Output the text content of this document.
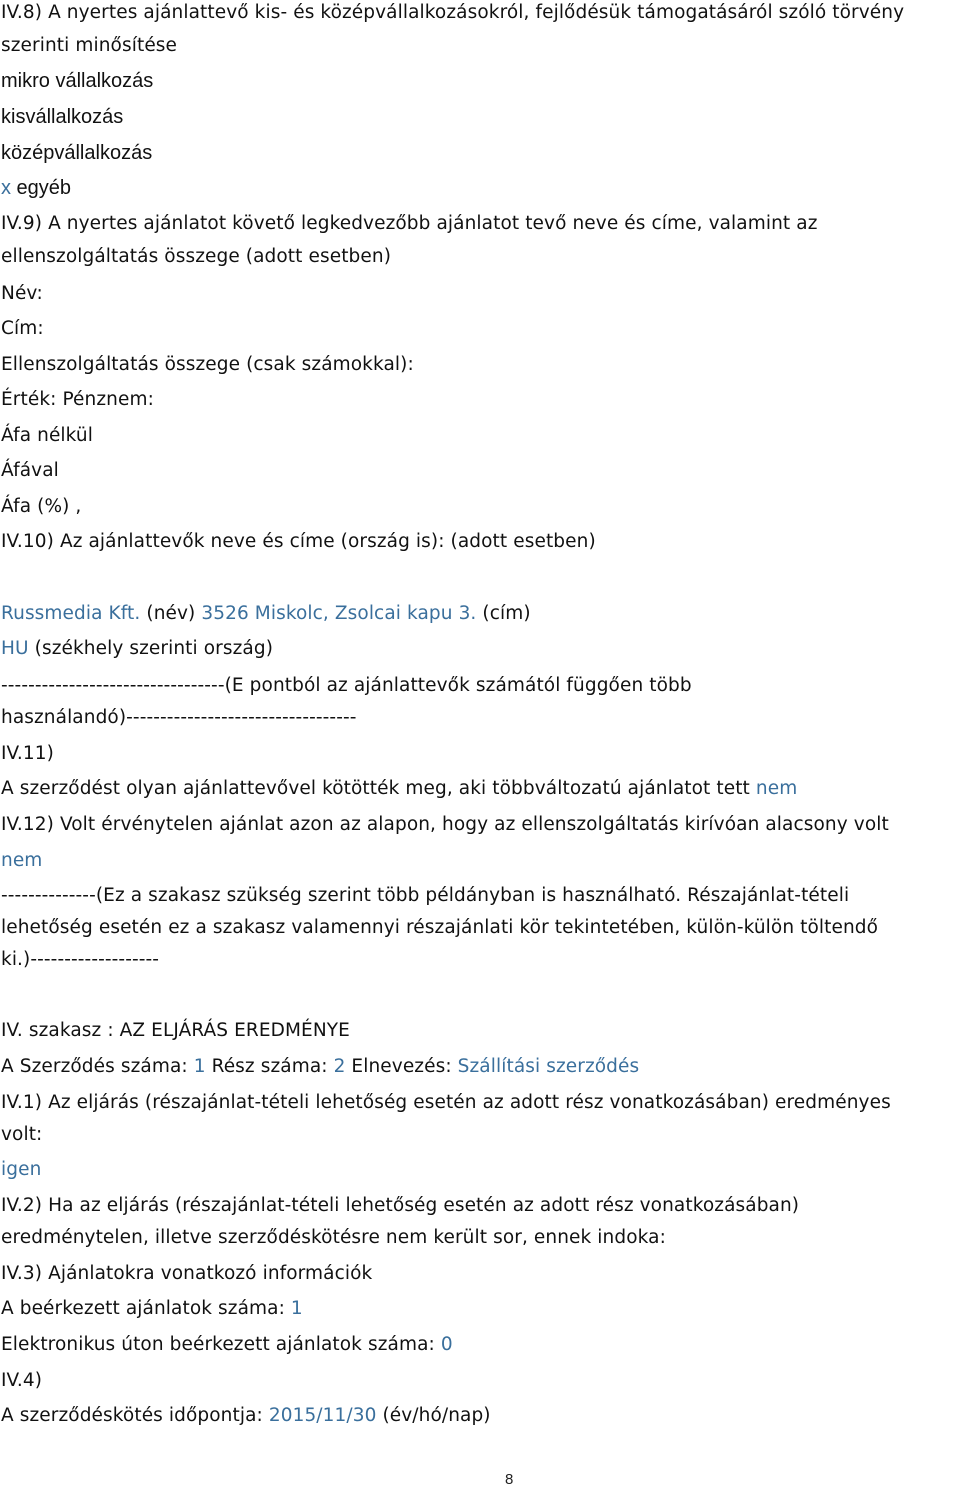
IV.8) A nyertes ajánlattevő kis- és középvállalkozásokról, fejlődésük támogatásáról szóló törvény
szerinti minősítése
mikro vállalkozás
kisvállalkozás
középvállalkozás
x egyéb
IV.9) A nyertes ajánlatot követő legkedvezőbb ajánlatot tevő neve és címe, valamint az
ellenszolgáltatás összege (adott esetben)
Név:
Cím:
Ellenszolgáltatás összege (csak számokkal):
Érték: Pénznem:
Áfa nélkül
Áfával
Áfa (%) ,
IV.10) Az ajánlattevők neve és címe (ország is): (adott esetben)
Russmedia Kft. (név) 3526 Miskolc, Zsolcai kapu 3. (cím)
HU (székhely szerinti ország)
---------------------------------(E pontból az ajánlattevők számától függően több
használandó)----------------------------------
IV.11)
A szerződést olyan ajánlattevővel kötötték meg, aki többváltozatú ajánlatot tett nem
IV.12) Volt érvénytelen ajánlat azon az alapon, hogy az ellenszolgáltatás kirívóan alacsony volt
nem
--------------(Ez a szakasz szükség szerint több példányban is használható. Részajánlat-tételi
lehetőség esetén ez a szakasz valamennyi részajánlati kör tekintetében, külön-külön töltendő
ki.)-------------------
IV. szakasz : AZ ELJÁRÁS EREDMÉNYE
A Szerződés száma: 1 Rész száma: 2 Elnevezés: Szállítási szerződés
IV.1) Az eljárás (részajánlat-tételi lehetőség esetén az adott rész vonatkozásában) eredményes
volt:
igen
IV.2) Ha az eljárás (részajánlat-tételi lehetőség esetén az adott rész vonatkozásában)
eredménytelen, illetve szerződéskötésre nem került sor, ennek indoka:
IV.3) Ajánlatokra vonatkozó információk
A beérkezett ajánlatok száma: 1
Elektronikus úton beérkezett ajánlatok száma: 0
IV.4)
A szerződéskötés időpontja: 2015/11/30 (év/hó/nap)
8
